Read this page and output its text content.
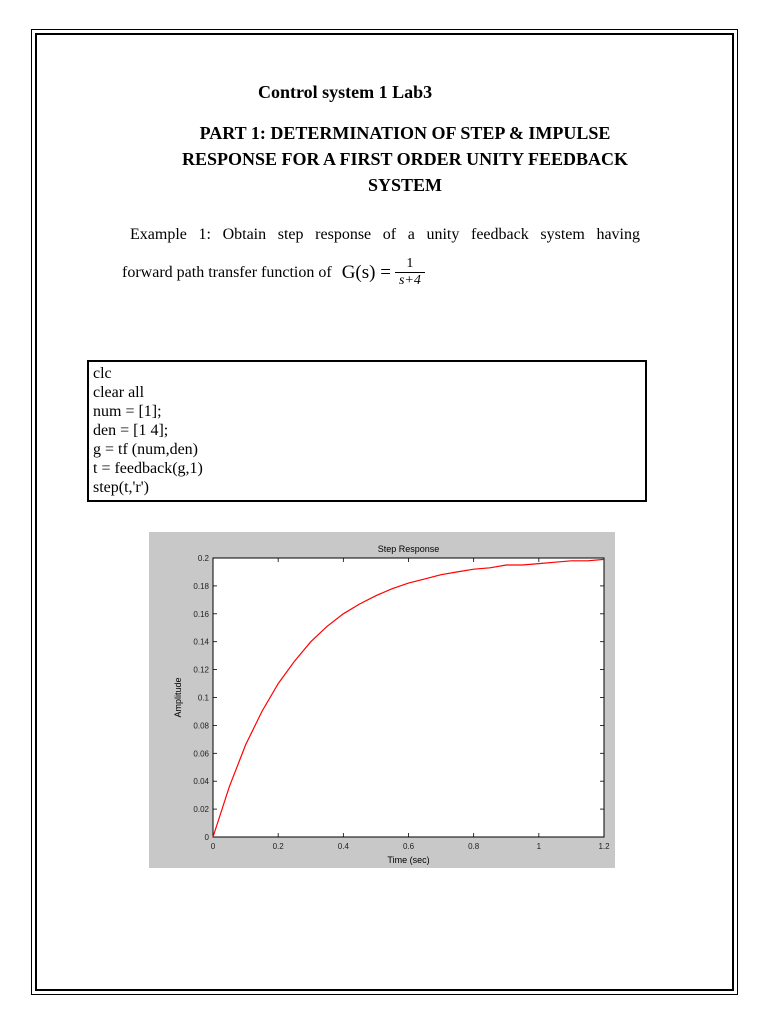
Control system 1 Lab3
PART 1: DETERMINATION OF STEP & IMPULSE
RESPONSE FOR A FIRST ORDER UNITY FEEDBACK
SYSTEM
Example 1: Obtain step response of a unity feedback system having
forward path transfer function of $G(s) = \frac{1}{s+4}$
clc
clear all
num = [1];
den = [1 4];
g = tf (num,den)
t = feedback(g,1)
step(t,'r')
0
0.02
0.04
0.06
0.08
0.1
0.12
0.14
0.16
0.18
0.2
0	0.2	0.4	0.6	0.8	1	1.2
Step Response
Time (sec)
Amplitude
